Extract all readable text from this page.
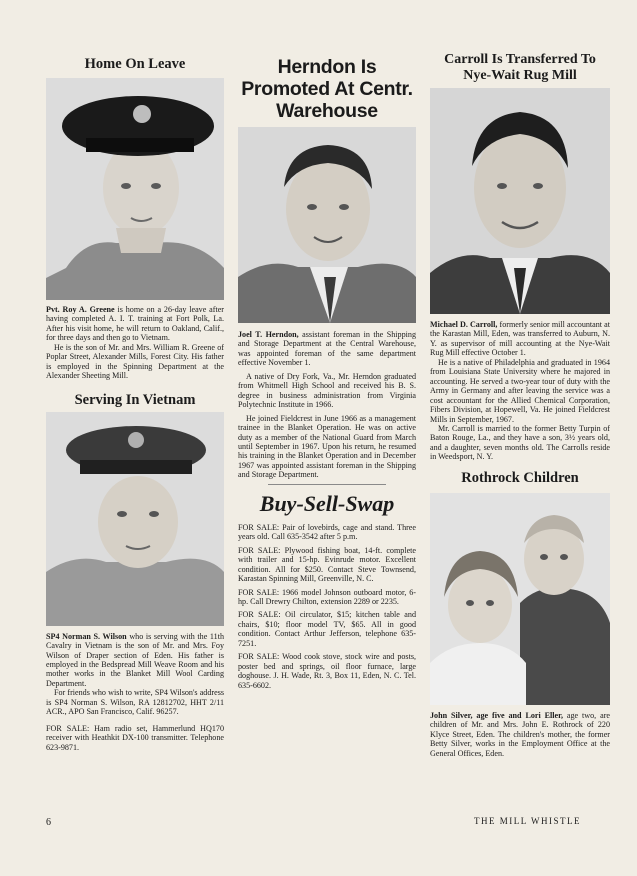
Home On Leave

Pvt. Roy A. Greene is home on a 26-day leave after having completed A. I. T. training at Fort Polk, La. After his visit home, he will return to Oakland, Calif., for three days and then go to Vietnam.

He is the son of Mr. and Mrs. William R. Greene of Poplar Street, Alexander Mills, Forest City. His father is employed in the Spinning Department at the Alexander Sheeting Mill.

Serving In Vietnam

SP4 Norman S. Wilson who is serving with the 11th Cavalry in Vietnam is the son of Mr. and Mrs. Foy Wilson of Draper section of Eden. His father is employed in the Bedspread Mill Weave Room and his mother works in the Blanket Mill Wool Carding Department.

For friends who wish to write, SP4 Wilson's address is SP4 Norman S. Wilson, RA 12812702, HHT 2/11 ACR., APO San Francisco, Calif. 96257.

FOR SALE: Ham radio set, Hammerlund HQ170 receiver with Heathkit DX-100 transmitter. Telephone 623-9871.

Herndon Is Promoted At Centr. Warehouse

Joel T. Herndon, assistant foreman in the Shipping and Storage Department at the Central Warehouse, was appointed foreman of the same department effective November 1.

A native of Dry Fork, Va., Mr. Herndon graduated from Whitmell High School and received his B. S. degree in business administration from Virginia Polytechnic Institute in 1966.

He joined Fieldcrest in June 1966 as a management trainee in the Blanket Operation. He was on active duty as a member of the National Guard from March until September in 1967. Upon his return, he resumed his training in the Blanket Operation and in December 1967 was appointed assistant foreman in the Shipping and Storage Department.

Buy-Sell-Swap

FOR SALE: Pair of lovebirds, cage and stand. Three years old. Call 635-3542 after 5 p.m.

FOR SALE: Plywood fishing boat, 14-ft. complete with trailer and 15-hp. Evinrude motor. Excellent condition. All for $250. Contact Steve Townsend, Karastan Spinning Mill, Greenville, N. C.

FOR SALE: 1966 model Johnson outboard motor, 6-hp. Call Drewry Chilton, extension 2289 or 2235.

FOR SALE: Oil circulator, $15; kitchen table and chairs, $10; floor model TV, $65. All in good condition. Contact Arthur Jefferson, telephone 635-7251.

FOR SALE: Wood cook stove, stock wire and posts, poster bed and springs, oil floor furnace, large doghouse. J. H. Wade, Rt. 3, Box 11, Eden, N. C. Tel. 635-6602.

Carroll Is Transferred To Nye-Wait Rug Mill

Michael D. Carroll, formerly senior mill accountant at the Karastan Mill, Eden, was transferred to Auburn, N. Y. as supervisor of mill accounting at the Nye-Wait Rug Mill effective October 1.

He is a native of Philadelphia and graduated in 1964 from Louisiana State University where he majored in accounting. He served a two-year tour of duty with the Army in Germany and after leaving the service was a cost accountant for the Allied Chemical Corporation, Fibers Division, at Hopewell, Va. He joined Fieldcrest Mills in September, 1967.

Mr. Carroll is married to the former Betty Turpin of Baton Rouge, La., and they have a son, 3½ years old, and a daughter, seven months old. The Carrolls reside in Weedsport, N. Y.

Rothrock Children

John Silver, age five and Lori Eller, age two, are children of Mr. and Mrs. John E. Rothrock of 220 Klyce Street, Eden. The children's mother, the former Betty Silver, works in the Employment Office at the General Offices, Eden.

6	THE MILL WHISTLE
